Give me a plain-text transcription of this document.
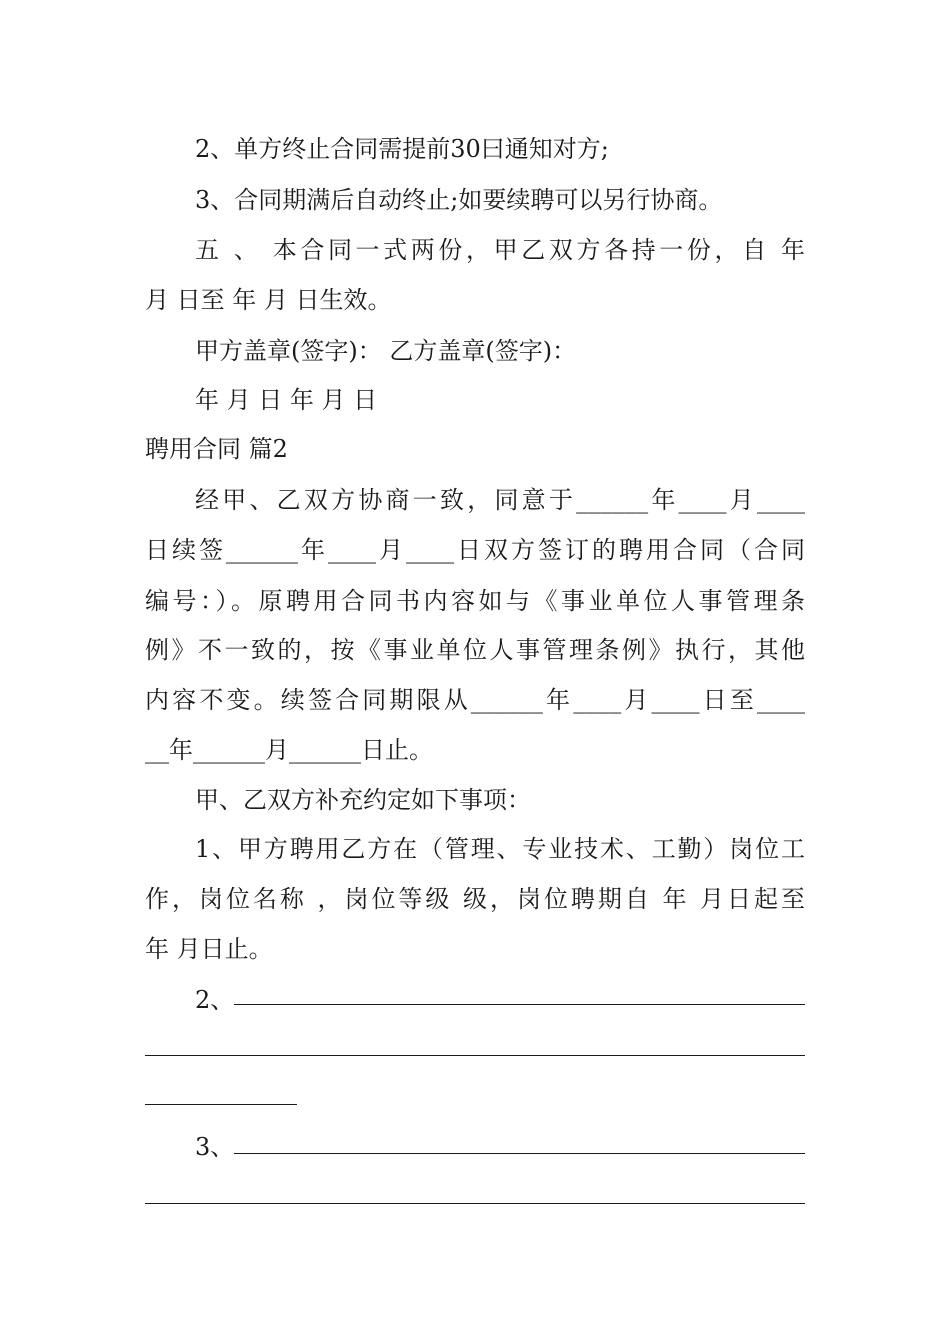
2、单方终止合同需提前30曰通知对方;
3、合同期满后自动终止;如要续聘可以另行协商。
五 、 本合同一式两份，甲乙双方各持一份，自 年
月 日至 年 月 日生效。
甲方盖章(签字)： 乙方盖章(签字)：
年 月 日 年 月 日
聘用合同 篇2
经甲、乙双方协商一致，同意于______年____月____
日续签______年____月____日双方签订的聘用合同（合同
编号：）。原聘用合同书内容如与《事业单位人事管理条
例》不一致的，按《事业单位人事管理条例》执行，其他
内容不变。续签合同期限从______年____月____日至____
__年______月______日止。
甲、乙双方补充约定如下事项：
1、甲方聘用乙方在（管理、专业技术、工勤）岗位工
作，岗位名称 ，岗位等级 级，岗位聘期自 年 月日起至
年 月日止。
2、
3、
